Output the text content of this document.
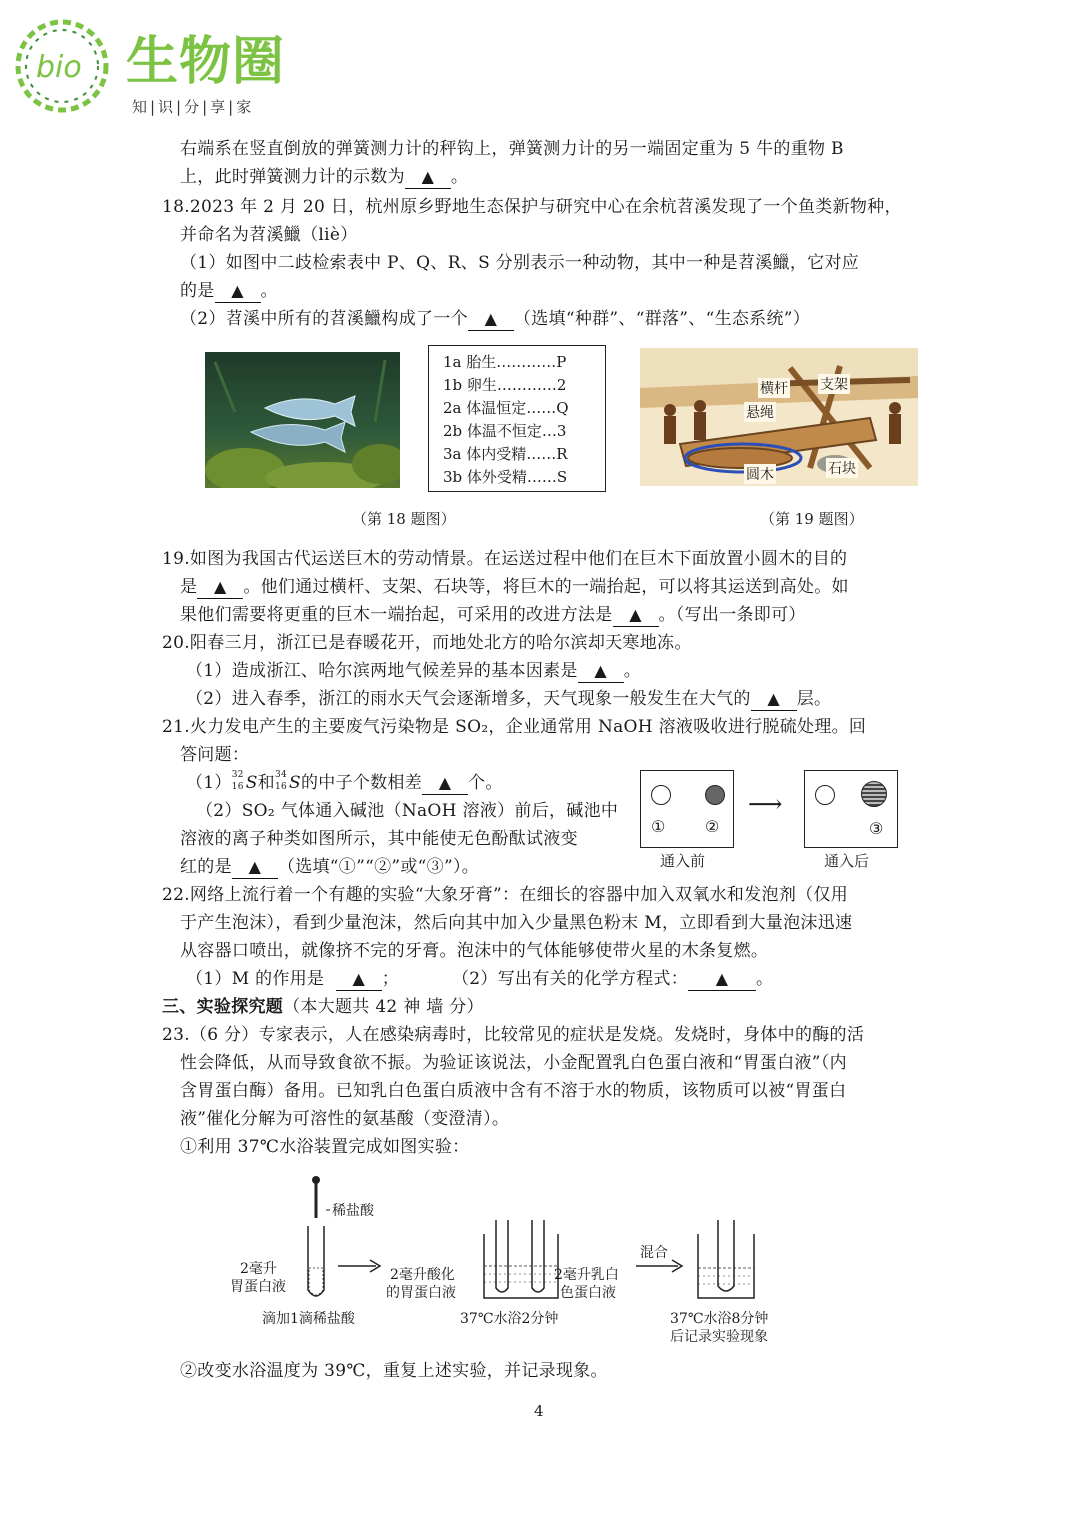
bio 生物圈
知|识|分|享|家
右端系在竖直倒放的弹簧测力计的秤钩上，弹簧测力计的另一端固定重为 5 牛的重物 B
上，此时弹簧测力计的示数为 ▲ 。
18.2023 年 2 月 20 日，杭州原乡野地生态保护与研究中心在余杭苕溪发现了一个鱼类新物种，
并命名为苕溪鱲（liè）
（1）如图中二歧检索表中 P、Q、R、S 分别表示一种动物，其中一种是苕溪鱲，它对应
的是 ▲ 。
（2）苕溪中所有的苕溪鱲构成了一个 ▲ （选填“种群”、“群落”、“生态系统”）
1a 胎生…………P
1b 卵生…………2
2a 体温恒定……Q
2b 体温不恒定…3
3a 体内受精……R
3b 体外受精……S
横杆 支架
悬绳
圆木	石块
（第 18 题图）	（第 19 题图）
19.如图为我国古代运送巨木的劳动情景。在运送过程中他们在巨木下面放置小圆木的目的
是 ▲ 。他们通过横杆、支架、石块等，将巨木的一端抬起，可以将其运送到高处。如
果他们需要将更重的巨木一端抬起，可采用的改进方法是 ▲ 。（写出一条即可）
20.阳春三月，浙江已是春暖花开，而地处北方的哈尔滨却天寒地冻。
（1）造成浙江、哈尔滨两地气候差异的基本因素是 ▲ 。
（2）进入春季，浙江的雨水天气会逐渐增多，天气现象一般发生在大气的 ▲ 层。
21.火力发电产生的主要废气污染物是 SO₂，企业通常用 NaOH 溶液吸收进行脱硫处理。回
答问题：
（1） 32
16 S和 34
16 S的中子个数相差 ▲ 个。
（2）SO₂ 气体通入碱池（NaOH 溶液）前后，碱池中
溶液的离子种类如图所示，其中能使无色酚酞试液变
红的是 ▲ （选填“①”“②”或“③”）。
① ②
⟶
③
通入前	通入后
22.网络上流行着一个有趣的实验“大象牙膏”：在细长的容器中加入双氧水和发泡剂（仅用
于产生泡沫），看到少量泡沫，然后向其中加入少量黑色粉末 M，立即看到大量泡沫迅速
从容器口喷出，就像挤不完的牙膏。泡沫中的气体能够使带火星的木条复燃。
（1）M 的作用是 ▲ ；	（2）写出有关的化学方程式： ▲ 。
三、实验探究题（本大题共 42 神 墙 分）
23.（6 分）专家表示，人在感染病毒时，比较常见的症状是发烧。发烧时，身体中的酶的活
性会降低，从而导致食欲不振。为验证该说法，小金配置乳白色蛋白液和“胃蛋白液”（内
含胃蛋白酶）备用。已知乳白色蛋白质液中含有不溶于水的物质，该物质可以被“胃蛋白
液”催化分解为可溶性的氨基酸（变澄清）。
①利用 37℃水浴装置完成如图实验：
稀盐酸
2毫升
胃蛋白液
滴加1滴稀盐酸
2毫升酸化
的胃蛋白液
2毫升乳白
色蛋白液
37℃水浴2分钟
混合
37℃水浴8分钟
后记录实验现象
②改变水浴温度为 39℃，重复上述实验，并记录现象。
4
